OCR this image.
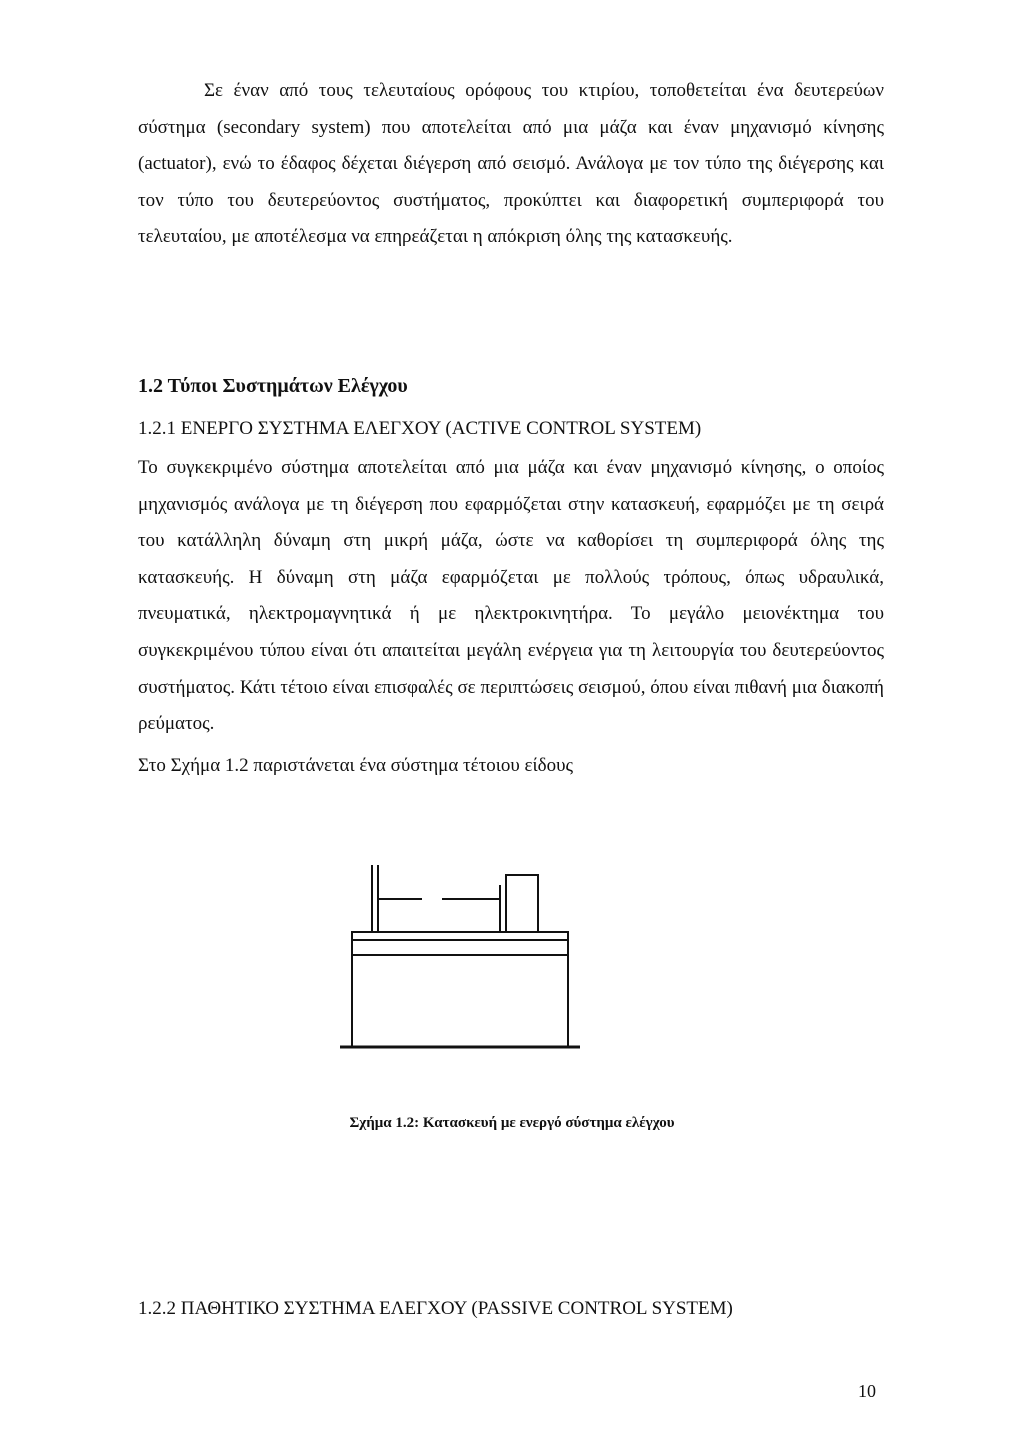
Σε έναν από τους τελευταίους ορόφους του κτιρίου, τοποθετείται ένα δευτερεύων σύστημα (secondary system) που αποτελείται από μια μάζα και έναν μηχανισμό κίνησης (actuator), ενώ το έδαφος δέχεται διέγερση από σεισμό. Ανάλογα με τον τύπο της διέγερσης και τον τύπο του δευτερεύοντος συστήματος, προκύπτει και διαφορετική συμπεριφορά του τελευταίου, με αποτέλεσμα να επηρεάζεται η απόκριση όλης της κατασκευής.

1.2 Τύποι Συστημάτων Ελέγχου
1.2.1 ΕΝΕΡΓΟ ΣΥΣΤΗΜΑ ΕΛΕΓΧΟΥ (ACTIVE CONTROL SYSTEM)

Το συγκεκριμένο σύστημα αποτελείται από μια μάζα και έναν μηχανισμό κίνησης, ο οποίος μηχανισμός ανάλογα με τη διέγερση που εφαρμόζεται στην κατασκευή, εφαρμόζει με τη σειρά του κατάλληλη δύναμη στη μικρή μάζα, ώστε να καθορίσει τη συμπεριφορά όλης της κατασκευής. Η δύναμη στη μάζα εφαρμόζεται με πολλούς τρόπους, όπως υδραυλικά, πνευματικά, ηλεκτρομαγνητικά ή με ηλεκτροκινητήρα. Το μεγάλο μειονέκτημα του συγκεκριμένου τύπου είναι ότι απαιτείται μεγάλη ενέργεια για τη λειτουργία του δευτερεύοντος συστήματος. Κάτι τέτοιο είναι επισφαλές σε περιπτώσεις σεισμού, όπου είναι πιθανή μια διακοπή ρεύματος.

Στο Σχήμα 1.2 παριστάνεται ένα σύστημα τέτοιου είδους
Σχήμα 1.2: Κατασκευή με ενεργό σύστημα ελέγχου
1.2.2 ΠΑΘΗΤΙΚΟ ΣΥΣΤΗΜΑ ΕΛΕΓΧΟΥ (PASSIVE CONTROL SYSTEM)
10
